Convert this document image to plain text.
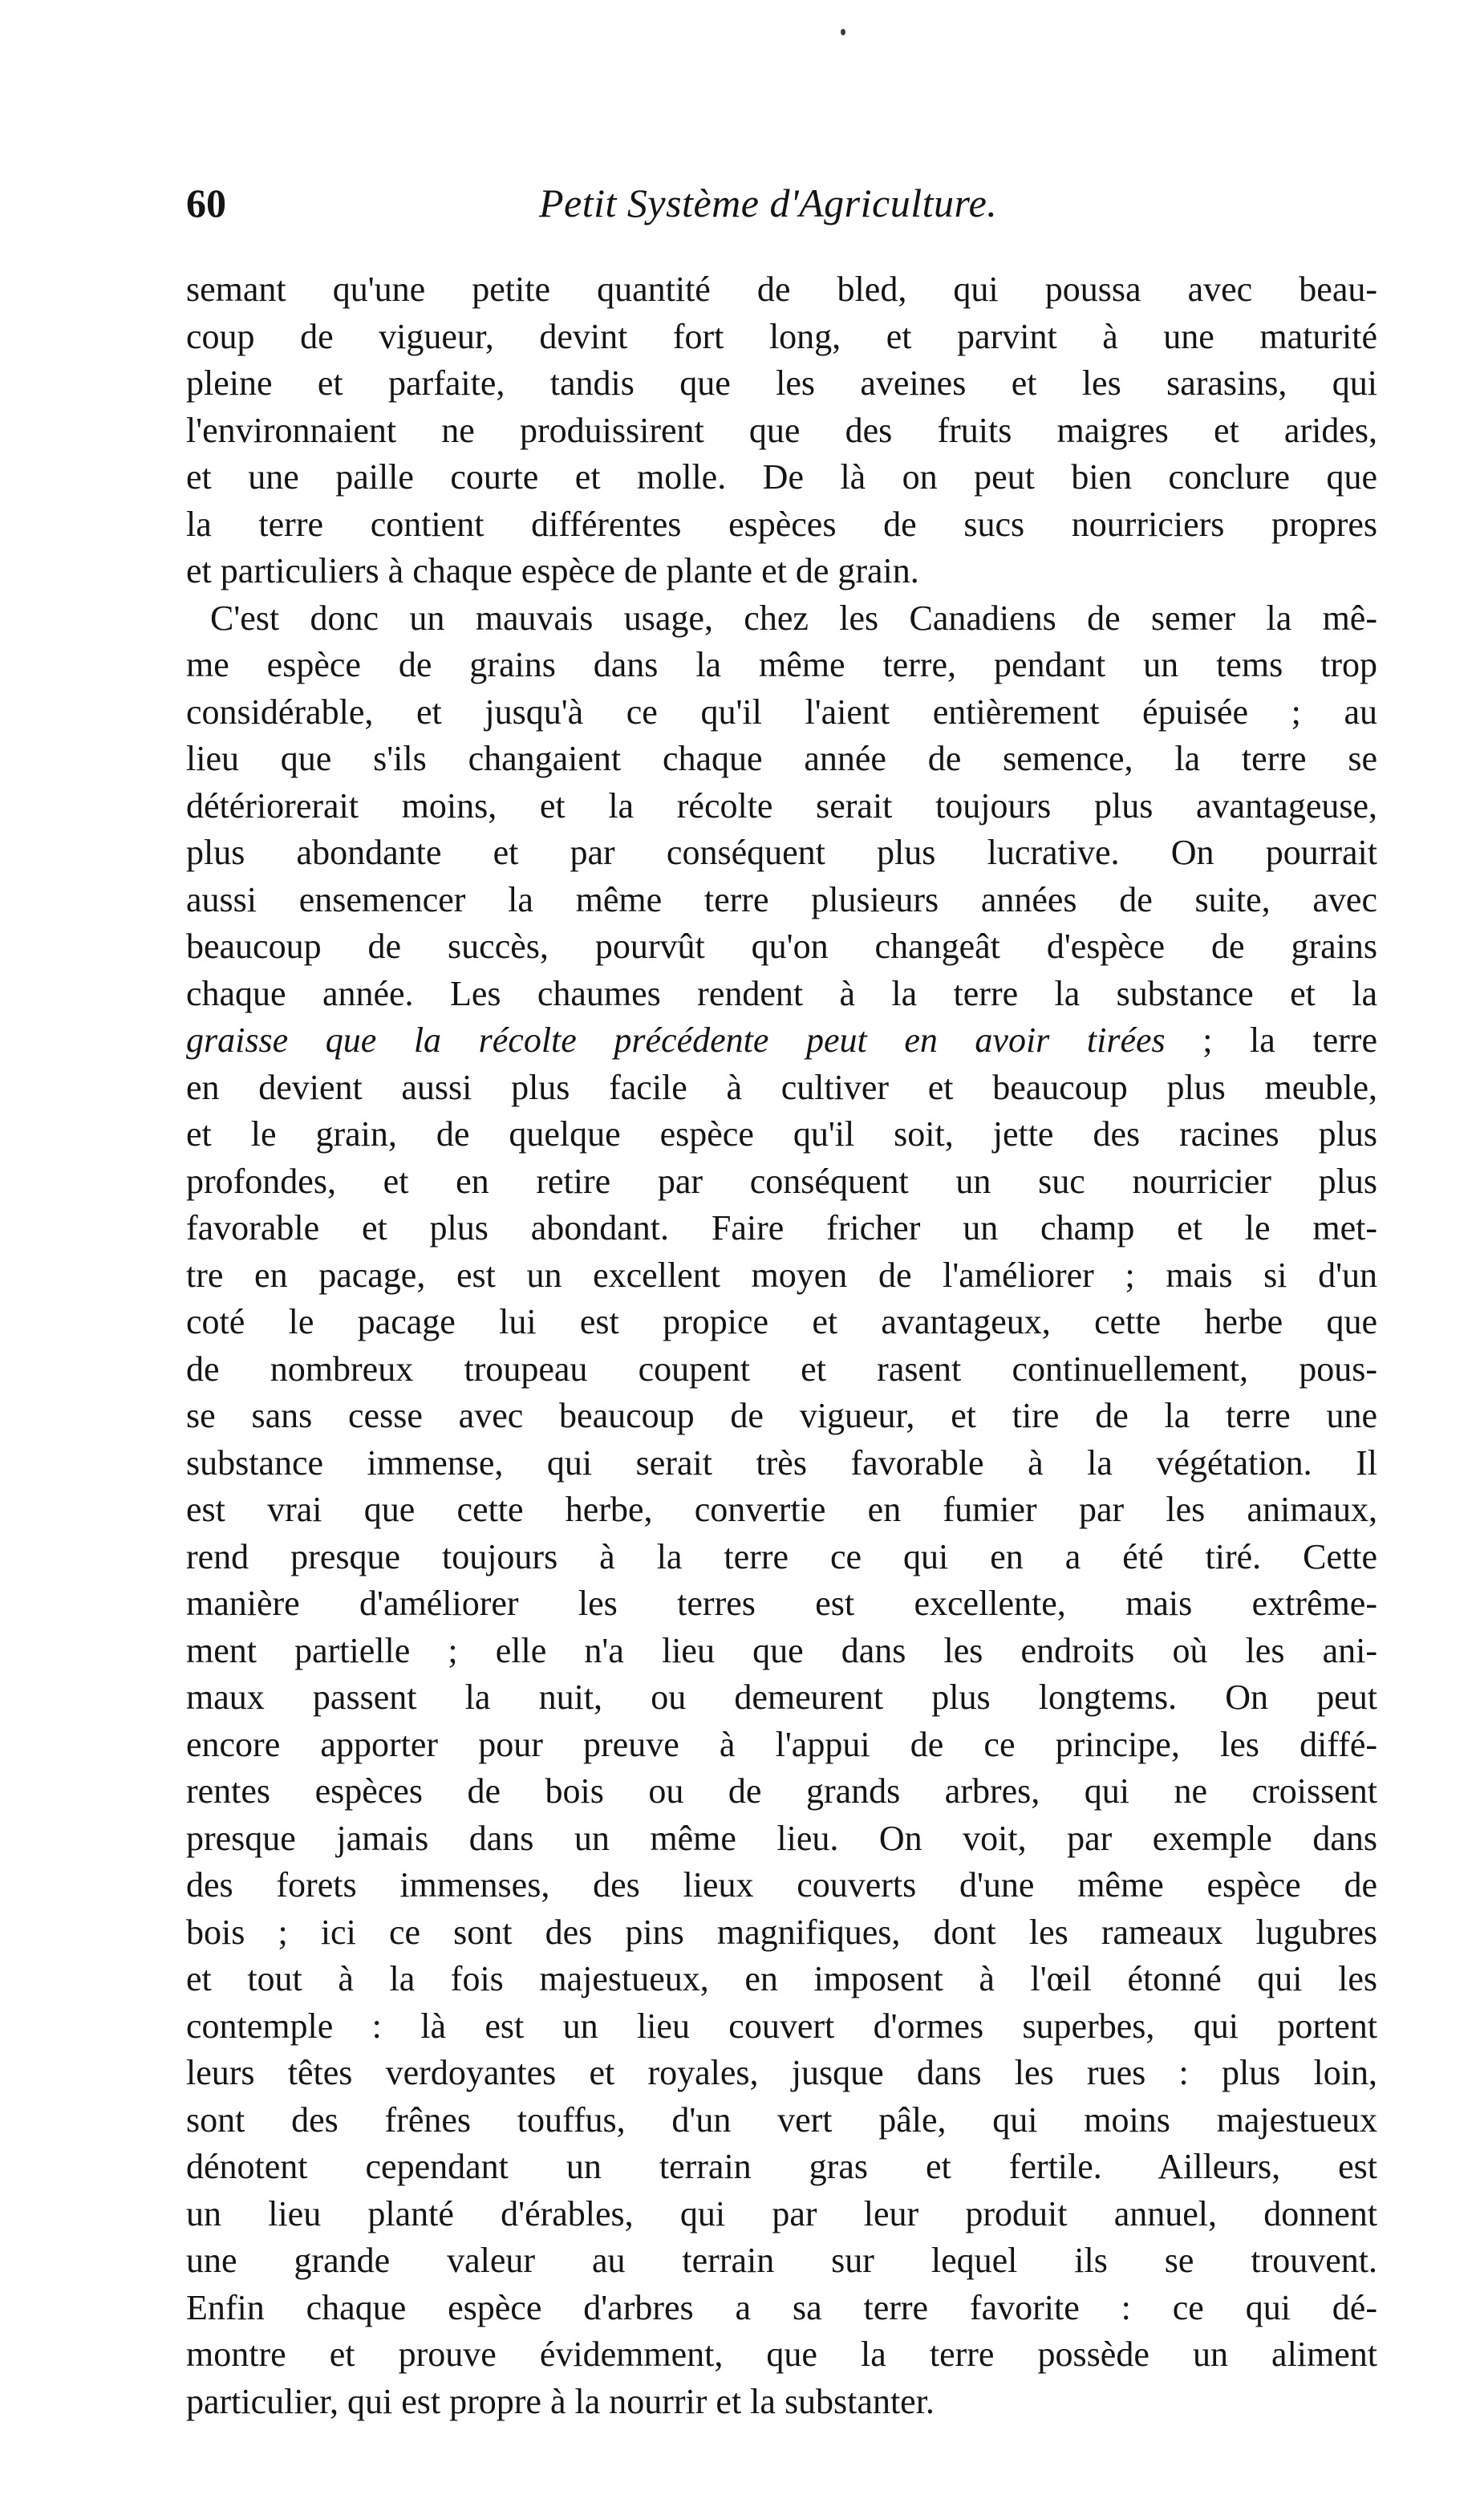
60	Petit Système d'Agriculture.
semant qu'une petite quantité de bled, qui poussa avec beau-
coup de vigueur, devint fort long, et parvint à une maturité
pleine et parfaite, tandis que les aveines et les sarasins, qui
l'environnaient ne produissirent que des fruits maigres et arides,
et une paille courte et molle. De là on peut bien conclure que
la terre contient différentes espèces de sucs nourriciers propres
et particuliers à chaque espèce de plante et de grain.
C'est donc un mauvais usage, chez les Canadiens de semer la mê-
me espèce de grains dans la même terre, pendant un tems trop
considérable, et jusqu'à ce qu'il l'aient entièrement épuisée ; au
lieu que s'ils changaient chaque année de semence, la terre se
détériorerait moins, et la récolte serait toujours plus avantageuse,
plus abondante et par conséquent plus lucrative. On pourrait
aussi ensemencer la même terre plusieurs années de suite, avec
beaucoup de succès, pourvût qu'on changeât d'espèce de grains
chaque année. Les chaumes rendent à la terre la substance et la
graisse que la récolte précédente peut en avoir tirées ; la terre
en devient aussi plus facile à cultiver et beaucoup plus meuble,
et le grain, de quelque espèce qu'il soit, jette des racines plus
profondes, et en retire par conséquent un suc nourricier plus
favorable et plus abondant. Faire fricher un champ et le met-
tre en pacage, est un excellent moyen de l'améliorer ; mais si d'un
coté le pacage lui est propice et avantageux, cette herbe que
de nombreux troupeau coupent et rasent continuellement, pous-
se sans cesse avec beaucoup de vigueur, et tire de la terre une
substance immense, qui serait très favorable à la végétation. Il
est vrai que cette herbe, convertie en fumier par les animaux,
rend presque toujours à la terre ce qui en a été tiré. Cette
manière d'améliorer les terres est excellente, mais extrême-
ment partielle ; elle n'a lieu que dans les endroits où les ani-
maux passent la nuit, ou demeurent plus longtems. On peut
encore apporter pour preuve à l'appui de ce principe, les diffé-
rentes espèces de bois ou de grands arbres, qui ne croissent
presque jamais dans un même lieu. On voit, par exemple dans
des forets immenses, des lieux couverts d'une même espèce de
bois ; ici ce sont des pins magnifiques, dont les rameaux lugubres
et tout à la fois majestueux, en imposent à l'œil étonné qui les
contemple : là est un lieu couvert d'ormes superbes, qui portent
leurs têtes verdoyantes et royales, jusque dans les rues : plus loin,
sont des frênes touffus, d'un vert pâle, qui moins majestueux
dénotent cependant un terrain gras et fertile. Ailleurs, est
un lieu planté d'érables, qui par leur produit annuel, donnent
une grande valeur au terrain sur lequel ils se trouvent.
Enfin chaque espèce d'arbres a sa terre favorite : ce qui dé-
montre et prouve évidemment, que la terre possède un aliment
particulier, qui est propre à la nourrir et la substanter.
